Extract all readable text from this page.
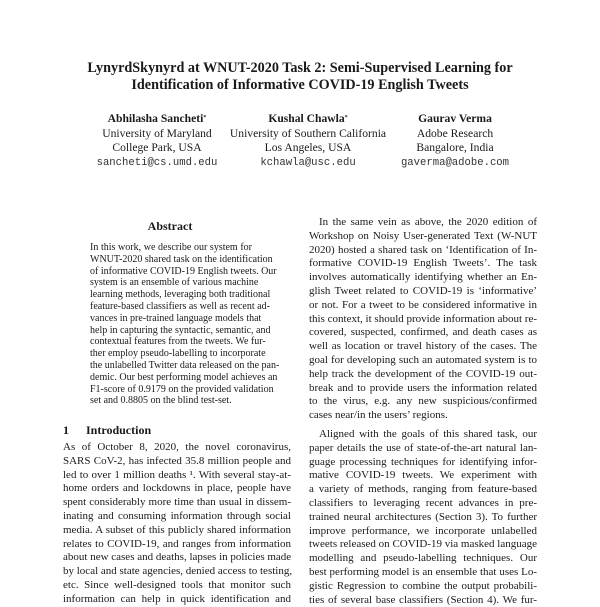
LynyrdSkynyrd at WNUT-2020 Task 2: Semi-Supervised Learning for
Identification of Informative COVID-19 English Tweets
Abhilasha Sancheti*
University of Maryland
College Park, USA
sancheti@cs.umd.edu
Kushal Chawla*
University of Southern California
Los Angeles, USA
kchawla@usc.edu
Gaurav Verma
Adobe Research
Bangalore, India
gaverma@adobe.com
Abstract
In this work, we describe our system for
WNUT-2020 shared task on the identification
of informative COVID-19 English tweets. Our
system is an ensemble of various machine
learning methods, leveraging both traditional
feature-based classifiers as well as recent ad-
vances in pre-trained language models that
help in capturing the syntactic, semantic, and
contextual features from the tweets. We fur-
ther employ pseudo-labelling to incorporate
the unlabelled Twitter data released on the pan-
demic. Our best performing model achieves an
F1-score of 0.9179 on the provided validation
set and 0.8805 on the blind test-set.
1 Introduction
As of October 8, 2020, the novel coronavirus,
SARS CoV-2, has infected 35.8 million people and
led to over 1 million deaths ¹. With several stay-at-
home orders and lockdowns in place, people have
spent considerably more time than usual in dissem-
inating and consuming information through social
media. A subset of this publicly shared information
relates to COVID-19, and ranges from information
about new cases and deaths, lapses in policies made
by local and state agencies, denied access to testing,
etc. Since well-designed tools that monitor such
information can help in quick identification and
In the same vein as above, the 2020 edition of
Workshop on Noisy User-generated Text (W-NUT
2020) hosted a shared task on ‘Identification of In-
formative COVID-19 English Tweets’. The task
involves automatically identifying whether an En-
glish Tweet related to COVID-19 is ‘informative’
or not. For a tweet to be considered informative in
this context, it should provide information about re-
covered, suspected, confirmed, and death cases as
well as location or travel history of the cases. The
goal for developing such an automated system is to
help track the development of the COVID-19 out-
break and to provide users the information related
to the virus, e.g. any new suspicious/confirmed
cases near/in the users’ regions.
Aligned with the goals of this shared task, our
paper details the use of state-of-the-art natural lan-
guage processing techniques for identifying infor-
mative COVID-19 tweets. We experiment with
a variety of methods, ranging from feature-based
classifiers to leveraging recent advances in pre-
trained neural architectures (Section 3). To further
improve performance, we incorporate unlabelled
tweets released on COVID-19 via masked language
modelling and pseudo-labelling techniques. Our
best performing model is an ensemble that uses Lo-
gistic Regression to combine the output probabili-
ties of several base classifiers (Section 4). We fur-
